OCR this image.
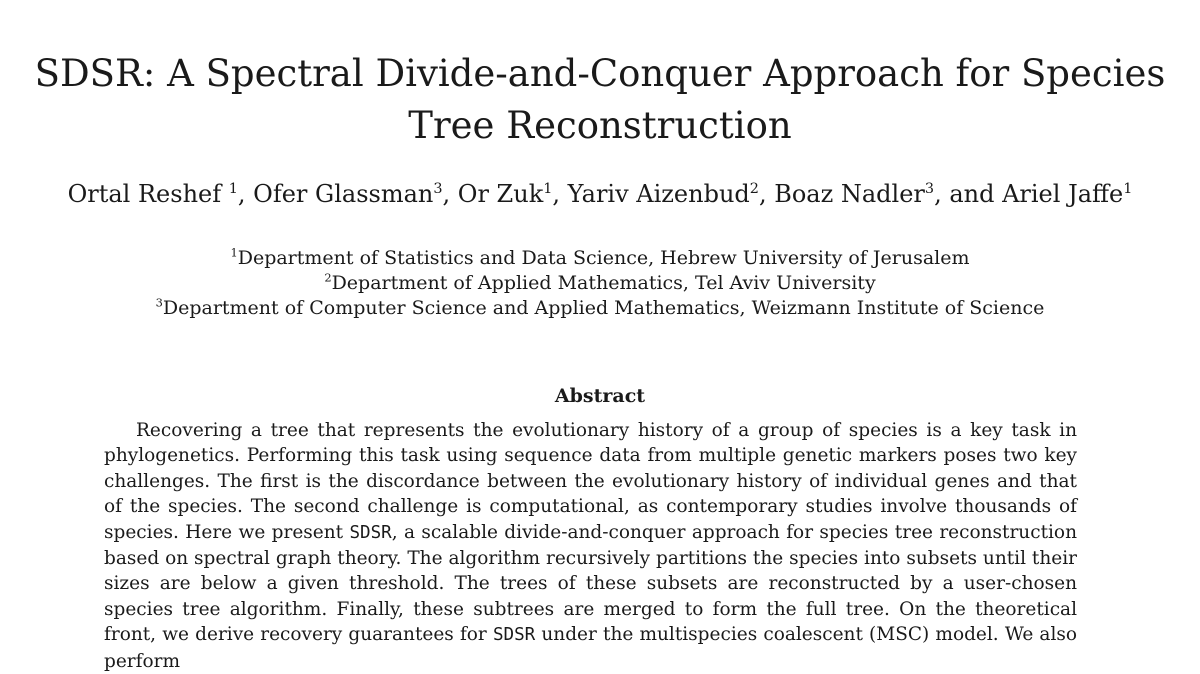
SDSR: A Spectral Divide-and-Conquer Approach for Species Tree Reconstruction
Ortal Reshef $^1$, Ofer Glassman$^3$, Or Zuk$^1$, Yariv Aizenbud$^2$, Boaz Nadler$^3$, and Ariel Jaffe$^1$
$^1$Department of Statistics and Data Science, Hebrew University of Jerusalem
$^2$Department of Applied Mathematics, Tel Aviv University
$^3$Department of Computer Science and Applied Mathematics, Weizmann Institute of Science
Abstract

Recovering a tree that represents the evolutionary history of a group of species is a key task in phylogenetics. Performing this task using sequence data from multiple genetic markers poses two key challenges. The first is the discordance between the evolutionary history of individual genes and that of the species. The second challenge is computational, as contemporary studies involve thousands of species. Here we present SDSR, a scalable divide-and-conquer approach for species tree reconstruction based on spectral graph theory. The algorithm recursively partitions the species into subsets until their sizes are below a given threshold. The trees of these subsets are reconstructed by a user-chosen species tree algorithm. Finally, these subtrees are merged to form the full tree. On the theoretical front, we derive recovery guarantees for SDSR under the multispecies coalescent (MSC) model. We also perform
